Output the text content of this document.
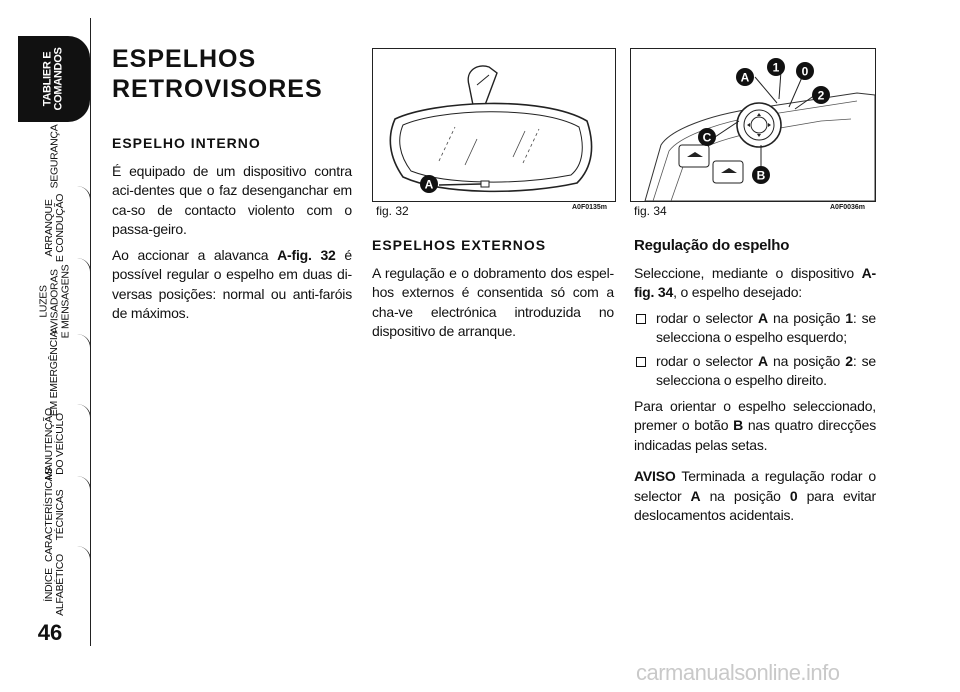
TABLIER E
COMANDOS
SEGURANÇA
ARRANQUE
E CONDUÇÃO
LUZES
AVISADORAS
E MENSAGENS
EM EMERGÊNCIA
MANUTENÇÃO
DO VEÍCULO
CARACTERÍSTICAS
TÉCNICAS
ÍNDICE
ALFABÉTICO
46
ESPELHOS
RETROVISORES
ESPELHO INTERNO

É equipado de um dispositivo contra aci-dentes que o faz desenganchar em ca-so de contacto violento com o passa-geiro.

Ao accionar a alavanca A-fig. 32 é possível regular o espelho em duas di-versas posições: normal ou anti-faróis de máximos.

A
fig. 32	A0F0135m
ESPELHOS EXTERNOS

A regulação e o dobramento dos espel-hos externos é consentida só com a cha-ve electrónica introduzida no dispositivo de arranque.

A
1 0
2
C
B
fig. 34	A0F0036m
Regulação do espelho

Seleccione, mediante o dispositivo A-fig. 34, o espelho desejado:

rodar o selector A na posição 1: se selecciona o espelho esquerdo;
rodar o selector A na posição 2: se selecciona o espelho direito.

Para orientar o espelho seleccionado, premer o botão B nas quatro direcções indicadas pelas setas.

AVISO Terminada a regulação rodar o selector A na posição 0 para evitar deslocamentos acidentais.

carmanualsonline.info
